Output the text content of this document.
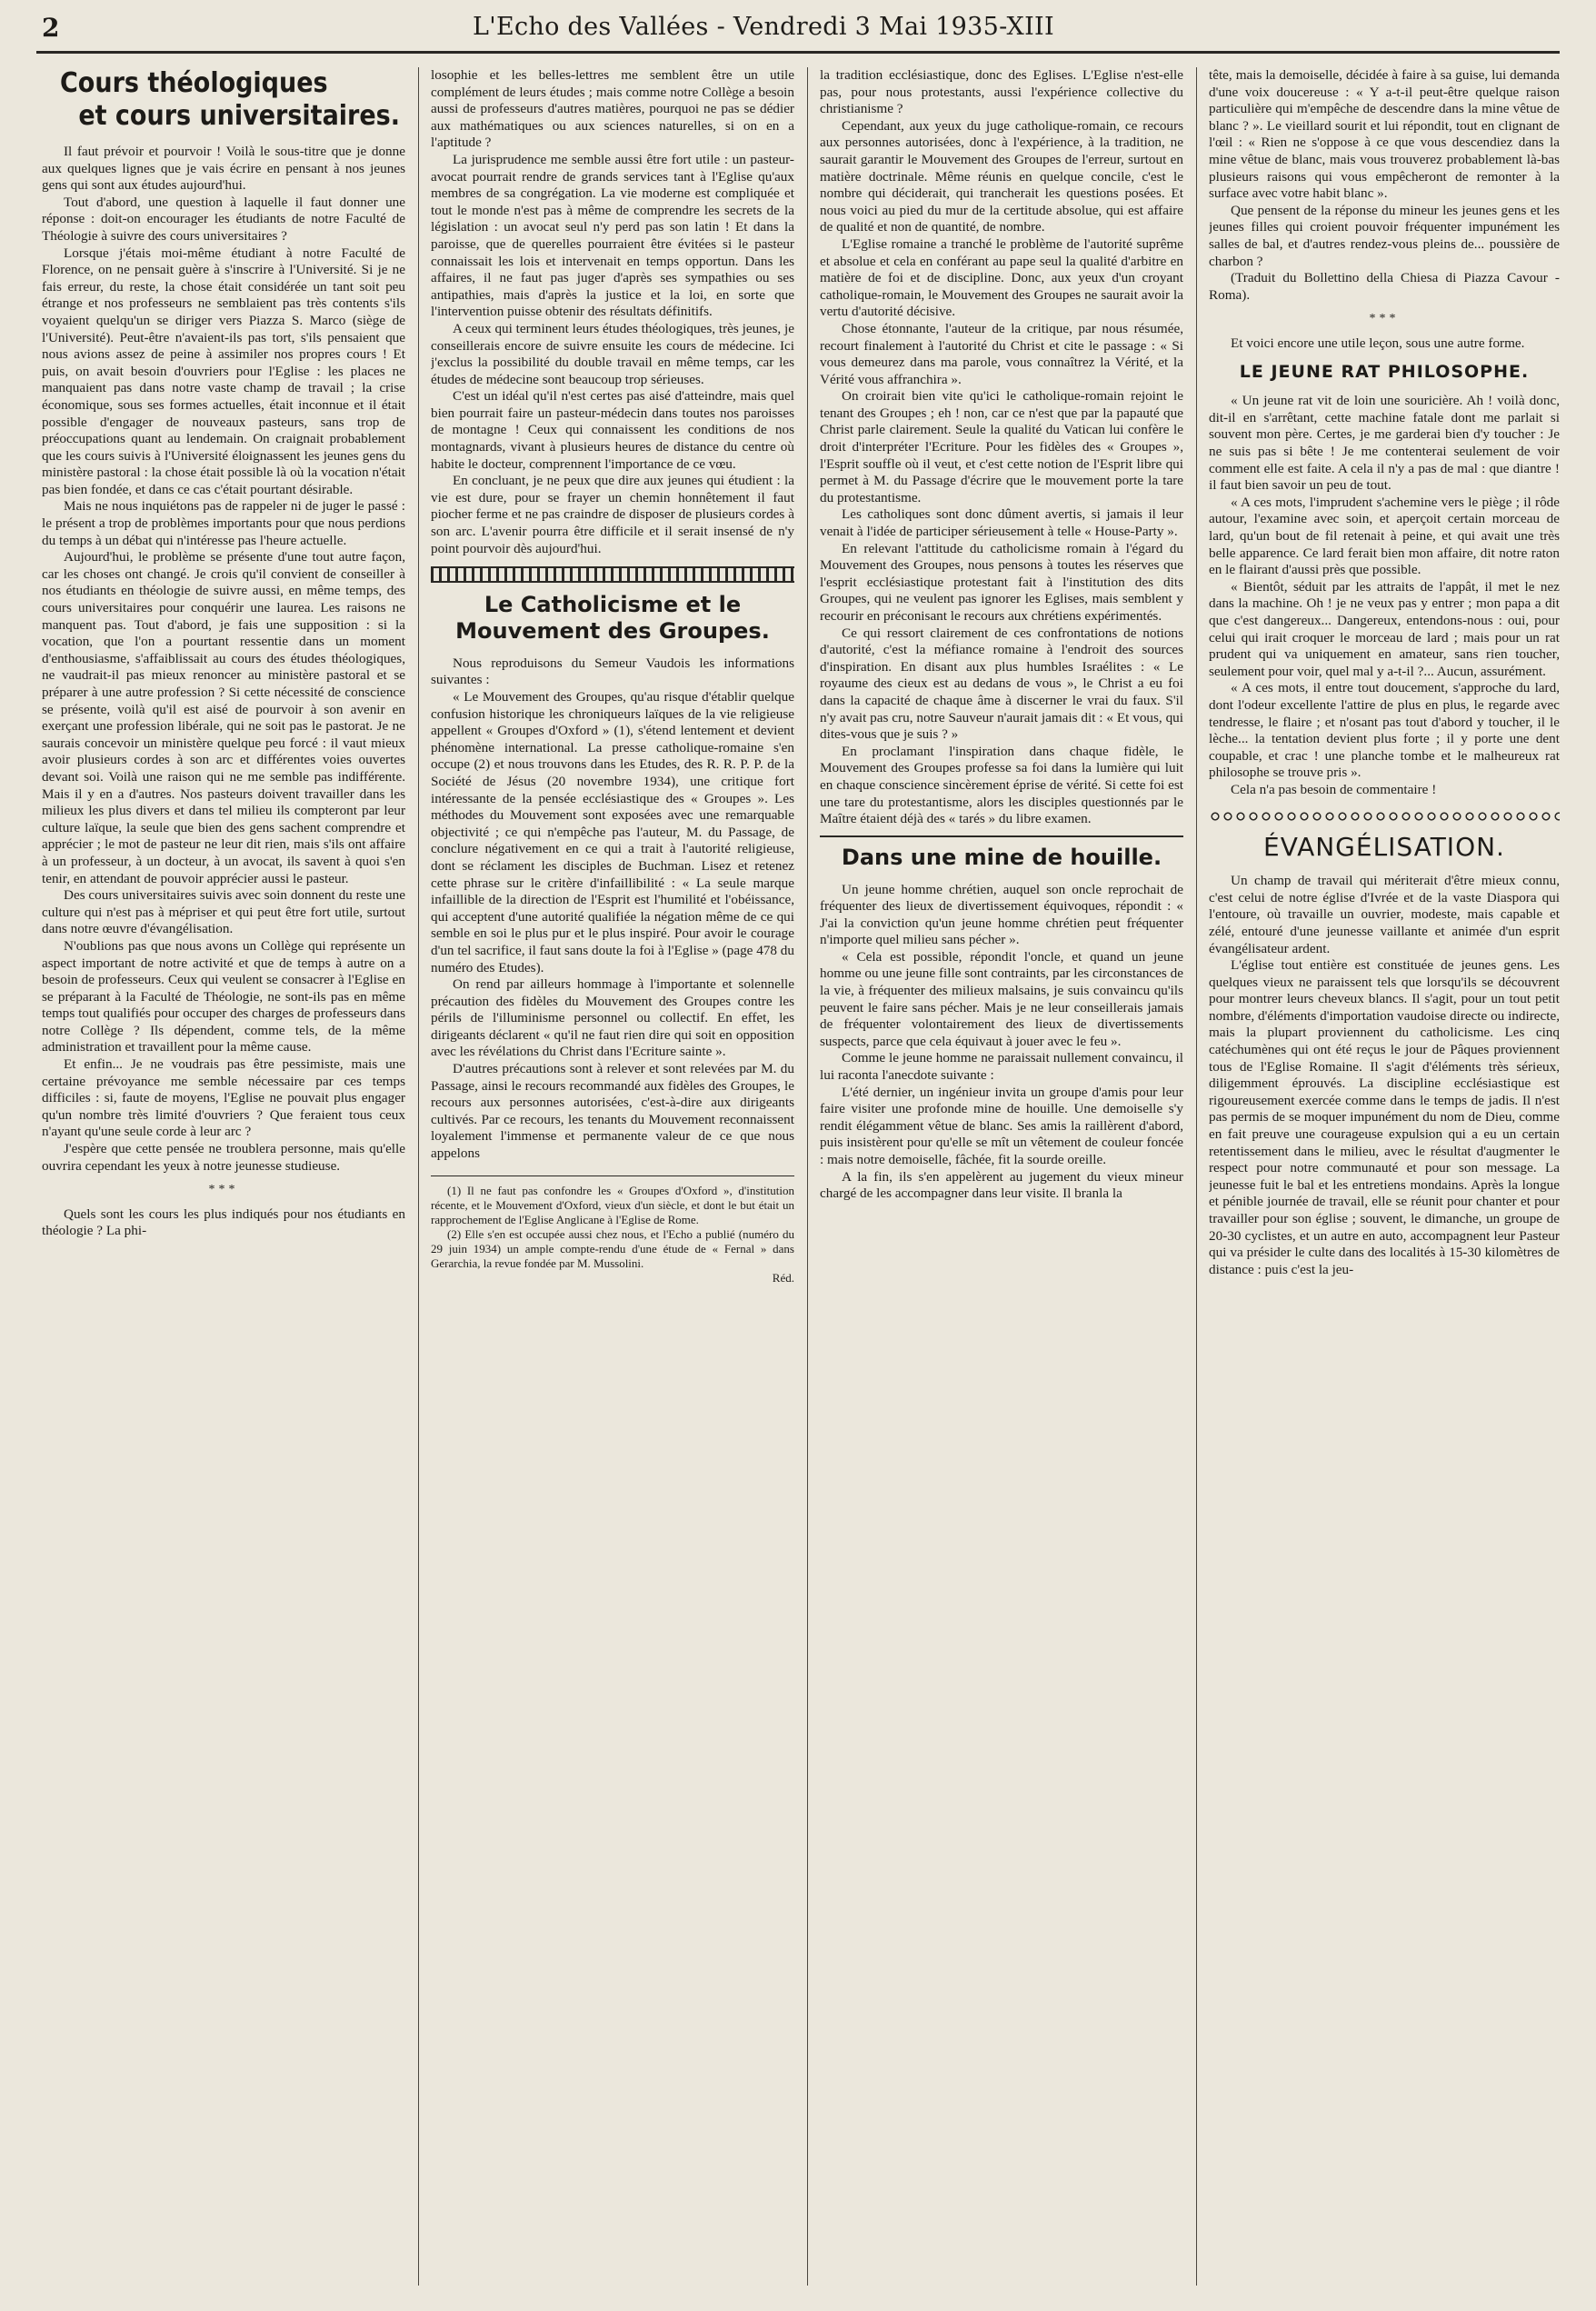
2	L'Echo des Vallées - Vendredi 3 Mai 1935-XIII
Cours théologiques
et cours universitaires.

Il faut prévoir et pourvoir ! Voilà le sous-titre que je donne aux quelques lignes que je vais écrire en pensant à nos jeunes gens qui sont aux études aujourd'hui.

Tout d'abord, une question à laquelle il faut donner une réponse : doit-on encourager les étudiants de notre Faculté de Théologie à suivre des cours universitaires ?

Lorsque j'étais moi-même étudiant à notre Faculté de Florence, on ne pensait guère à s'inscrire à l'Université. Si je ne fais erreur, du reste, la chose était considérée un tant soit peu étrange et nos professeurs ne semblaient pas très contents s'ils voyaient quelqu'un se diriger vers Piazza S. Marco (siège de l'Université). Peut-être n'avaient-ils pas tort, s'ils pensaient que nous avions assez de peine à assimiler nos propres cours ! Et puis, on avait besoin d'ouvriers pour l'Eglise : les places ne manquaient pas dans notre vaste champ de travail ; la crise économique, sous ses formes actuelles, était inconnue et il était possible d'engager de nouveaux pasteurs, sans trop de préoccupations quant au lendemain. On craignait probablement que les cours suivis à l'Université éloignassent les jeunes gens du ministère pastoral : la chose était possible là où la vocation n'était pas bien fondée, et dans ce cas c'était pourtant désirable.

Mais ne nous inquiétons pas de rappeler ni de juger le passé : le présent a trop de problèmes importants pour que nous perdions du temps à un débat qui n'intéresse pas l'heure actuelle.

Aujourd'hui, le problème se présente d'une tout autre façon, car les choses ont changé. Je crois qu'il convient de conseiller à nos étudiants en théologie de suivre aussi, en même temps, des cours universitaires pour conquérir une laurea. Les raisons ne manquent pas. Tout d'abord, je fais une supposition : si la vocation, que l'on a pourtant ressentie dans un moment d'enthousiasme, s'affaiblissait au cours des études théologiques, ne vaudrait-il pas mieux renoncer au ministère pastoral et se préparer à une autre profession ? Si cette nécessité de conscience se présente, voilà qu'il est aisé de pourvoir à son avenir en exerçant une profession libérale, qui ne soit pas le pastorat. Je ne saurais concevoir un ministère quelque peu forcé : il vaut mieux avoir plusieurs cordes à son arc et différentes voies ouvertes devant soi. Voilà une raison qui ne me semble pas indifférente. Mais il y en a d'autres. Nos pasteurs doivent travailler dans les milieux les plus divers et dans tel milieu ils compteront par leur culture laïque, la seule que bien des gens sachent comprendre et apprécier ; le mot de pasteur ne leur dit rien, mais s'ils ont affaire à un professeur, à un docteur, à un avocat, ils savent à quoi s'en tenir, en attendant de pouvoir apprécier aussi le pasteur.

Des cours universitaires suivis avec soin donnent du reste une culture qui n'est pas à mépriser et qui peut être fort utile, surtout dans notre œuvre d'évangélisation.

N'oublions pas que nous avons un Collège qui représente un aspect important de notre activité et que de temps à autre on a besoin de professeurs. Ceux qui veulent se consacrer à l'Eglise en se préparant à la Faculté de Théologie, ne sont-ils pas en même temps tout qualifiés pour occuper des charges de professeurs dans notre Collège ? Ils dépendent, comme tels, de la même administration et travaillent pour la même cause.

Et enfin... Je ne voudrais pas être pessimiste, mais une certaine prévoyance me semble nécessaire par ces temps difficiles : si, faute de moyens, l'Eglise ne pouvait plus engager qu'un nombre très limité d'ouvriers ? Que feraient tous ceux n'ayant qu'une seule corde à leur arc ?

J'espère que cette pensée ne troublera personne, mais qu'elle ouvrira cependant les yeux à notre jeunesse studieuse.

***

Quels sont les cours les plus indiqués pour nos étudiants en théologie ? La phi-

losophie et les belles-lettres me semblent être un utile complément de leurs études ; mais comme notre Collège a besoin aussi de professeurs d'autres matières, pourquoi ne pas se dédier aux mathématiques ou aux sciences naturelles, si on en a l'aptitude ?

La jurisprudence me semble aussi être fort utile : un pasteur-avocat pourrait rendre de grands services tant à l'Eglise qu'aux membres de sa congrégation. La vie moderne est compliquée et tout le monde n'est pas à même de comprendre les secrets de la législation : un avocat seul n'y perd pas son latin ! Et dans la paroisse, que de querelles pourraient être évitées si le pasteur connaissait les lois et intervenait en temps opportun. Dans les affaires, il ne faut pas juger d'après ses sympathies ou ses antipathies, mais d'après la justice et la loi, en sorte que l'intervention puisse obtenir des résultats définitifs.

A ceux qui terminent leurs études théologiques, très jeunes, je conseillerais encore de suivre ensuite les cours de médecine. Ici j'exclus la possibilité du double travail en même temps, car les études de médecine sont beaucoup trop sérieuses.

C'est un idéal qu'il n'est certes pas aisé d'atteindre, mais quel bien pourrait faire un pasteur-médecin dans toutes nos paroisses de montagne ! Ceux qui connaissent les conditions de nos montagnards, vivant à plusieurs heures de distance du centre où habite le docteur, comprennent l'importance de ce vœu.

En concluant, je ne peux que dire aux jeunes qui étudient : la vie est dure, pour se frayer un chemin honnêtement il faut piocher ferme et ne pas craindre de disposer de plusieurs cordes à son arc. L'avenir pourra être difficile et il serait insensé de n'y point pourvoir dès aujourd'hui.

Le Catholicisme et le Mouvement des Groupes.

Nous reproduisons du Semeur Vaudois les informations suivantes :

« Le Mouvement des Groupes, qu'au risque d'établir quelque confusion historique les chroniqueurs laïques de la vie religieuse appellent « Groupes d'Oxford » (1), s'étend lentement et devient phénomène international. La presse catholique-romaine s'en occupe (2) et nous trouvons dans les Etudes, des R. R. P. P. de la Société de Jésus (20 novembre 1934), une critique fort intéressante de la pensée ecclésiastique des « Groupes ». Les méthodes du Mouvement sont exposées avec une remarquable objectivité ; ce qui n'empêche pas l'auteur, M. du Passage, de conclure négativement en ce qui a trait à l'autorité religieuse, dont se réclament les disciples de Buchman. Lisez et retenez cette phrase sur le critère d'infaillibilité : « La seule marque infaillible de la direction de l'Esprit est l'humilité et l'obéissance, qui acceptent d'une autorité qualifiée la négation même de ce qui semble en soi le plus pur et le plus inspiré. Pour avoir le courage d'un tel sacrifice, il faut sans doute la foi à l'Eglise » (page 478 du numéro des Etudes).

On rend par ailleurs hommage à l'importante et solennelle précaution des fidèles du Mouvement des Groupes contre les périls de l'illuminisme personnel ou collectif. En effet, les dirigeants déclarent « qu'il ne faut rien dire qui soit en opposition avec les révélations du Christ dans l'Ecriture sainte ».

D'autres précautions sont à relever et sont relevées par M. du Passage, ainsi le recours recommandé aux fidèles des Groupes, le recours aux personnes autorisées, c'est-à-dire aux dirigeants cultivés. Par ce recours, les tenants du Mouvement reconnaissent loyalement l'immense et permanente valeur de ce que nous appelons

(1) Il ne faut pas confondre les « Groupes d'Oxford », d'institution récente, et le Mouvement d'Oxford, vieux d'un siècle, et dont le but était un rapprochement de l'Eglise Anglicane à l'Eglise de Rome.

(2) Elle s'en est occupée aussi chez nous, et l'Echo a publié (numéro du 29 juin 1934) un ample compte-rendu d'une étude de « Fernal » dans Gerarchia, la revue fondée par M. Mussolini.

Réd.

la tradition ecclésiastique, donc des Eglises. L'Eglise n'est-elle pas, pour nous protestants, aussi l'expérience collective du christianisme ?

Cependant, aux yeux du juge catholique-romain, ce recours aux personnes autorisées, donc à l'expérience, à la tradition, ne saurait garantir le Mouvement des Groupes de l'erreur, surtout en matière doctrinale. Même réunis en quelque concile, c'est le nombre qui déciderait, qui trancherait les questions posées. Et nous voici au pied du mur de la certitude absolue, qui est affaire de qualité et non de quantité, de nombre.

L'Eglise romaine a tranché le problème de l'autorité suprême et absolue et cela en conférant au pape seul la qualité d'arbitre en matière de foi et de discipline. Donc, aux yeux d'un croyant catholique-romain, le Mouvement des Groupes ne saurait avoir la vertu d'autorité décisive.

Chose étonnante, l'auteur de la critique, par nous résumée, recourt finalement à l'autorité du Christ et cite le passage : « Si vous demeurez dans ma parole, vous connaîtrez la Vérité, et la Vérité vous affranchira ».

On croirait bien vite qu'ici le catholique-romain rejoint le tenant des Groupes ; eh ! non, car ce n'est que par la papauté que Christ parle clairement. Seule la qualité du Vatican lui confère le droit d'interpréter l'Ecriture. Pour les fidèles des « Groupes », l'Esprit souffle où il veut, et c'est cette notion de l'Esprit libre qui permet à M. du Passage d'écrire que le mouvement porte la tare du protestantisme.

Les catholiques sont donc dûment avertis, si jamais il leur venait à l'idée de participer sérieusement à telle « House-Party ».

En relevant l'attitude du catholicisme romain à l'égard du Mouvement des Groupes, nous pensons à toutes les réserves que l'esprit ecclésiastique protestant fait à l'institution des dits Groupes, qui ne veulent pas ignorer les Eglises, mais semblent y recourir en préconisant le recours aux chrétiens expérimentés.

Ce qui ressort clairement de ces confrontations de notions d'autorité, c'est la méfiance romaine à l'endroit des sources d'inspiration. En disant aux plus humbles Israélites : « Le royaume des cieux est au dedans de vous », le Christ a eu foi dans la capacité de chaque âme à discerner le vrai du faux. S'il n'y avait pas cru, notre Sauveur n'aurait jamais dit : « Et vous, qui dites-vous que je suis ? »

En proclamant l'inspiration dans chaque fidèle, le Mouvement des Groupes professe sa foi dans la lumière qui luit en chaque conscience sincèrement éprise de vérité. Si cette foi est une tare du protestantisme, alors les disciples questionnés par le Maître étaient déjà des « tarés » du libre examen.

Dans une mine de houille.

Un jeune homme chrétien, auquel son oncle reprochait de fréquenter des lieux de divertissement équivoques, répondit : « J'ai la conviction qu'un jeune homme chrétien peut fréquenter n'importe quel milieu sans pécher ».

« Cela est possible, répondit l'oncle, et quand un jeune homme ou une jeune fille sont contraints, par les circonstances de la vie, à fréquenter des milieux malsains, je suis convaincu qu'ils peuvent le faire sans pécher. Mais je ne leur conseillerais jamais de fréquenter volontairement des lieux de divertissements suspects, parce que cela équivaut à jouer avec le feu ».

Comme le jeune homme ne paraissait nullement convaincu, il lui raconta l'anecdote suivante :

L'été dernier, un ingénieur invita un groupe d'amis pour leur faire visiter une profonde mine de houille. Une demoiselle s'y rendit élégamment vêtue de blanc. Ses amis la raillèrent d'abord, puis insistèrent pour qu'elle se mît un vêtement de couleur foncée : mais notre demoiselle, fâchée, fit la sourde oreille.

A la fin, ils s'en appelèrent au jugement du vieux mineur chargé de les accompagner dans leur visite. Il branla la

tête, mais la demoiselle, décidée à faire à sa guise, lui demanda d'une voix doucereuse : « Y a-t-il peut-être quelque raison particulière qui m'empêche de descendre dans la mine vêtue de blanc ? ». Le vieillard sourit et lui répondit, tout en clignant de l'œil : « Rien ne s'oppose à ce que vous descendiez dans la mine vêtue de blanc, mais vous trouverez probablement là-bas plusieurs raisons qui vous empêcheront de remonter à la surface avec votre habit blanc ».

Que pensent de la réponse du mineur les jeunes gens et les jeunes filles qui croient pouvoir fréquenter impunément les salles de bal, et d'autres rendez-vous pleins de... poussière de charbon ?

(Traduit du Bollettino della Chiesa di Piazza Cavour - Roma).

***

Et voici encore une utile leçon, sous une autre forme.

LE JEUNE RAT PHILOSOPHE.

« Un jeune rat vit de loin une souricière. Ah ! voilà donc, dit-il en s'arrêtant, cette machine fatale dont me parlait si souvent mon père. Certes, je me garderai bien d'y toucher : Je ne suis pas si bête ! Je me contenterai seulement de voir comment elle est faite. A cela il n'y a pas de mal : que diantre ! il faut bien savoir un peu de tout.

« A ces mots, l'imprudent s'achemine vers le piège ; il rôde autour, l'examine avec soin, et aperçoit certain morceau de lard, qu'un bout de fil retenait à peine, et qui avait une très belle apparence. Ce lard ferait bien mon affaire, dit notre raton en le flairant d'aussi près que possible.

« Bientôt, séduit par les attraits de l'appât, il met le nez dans la machine. Oh ! je ne veux pas y entrer ; mon papa a dit que c'est dangereux... Dangereux, entendons-nous : oui, pour celui qui irait croquer le morceau de lard ; mais pour un rat prudent qui va uniquement en amateur, sans rien toucher, seulement pour voir, quel mal y a-t-il ?... Aucun, assurément.

« A ces mots, il entre tout doucement, s'approche du lard, dont l'odeur excellente l'attire de plus en plus, le regarde avec tendresse, le flaire ; et n'osant pas tout d'abord y toucher, il le lèche... la tentation devient plus forte ; il y porte une dent coupable, et crac ! une planche tombe et le malheureux rat philosophe se trouve pris ».

Cela n'a pas besoin de commentaire !

ÉVANGÉLISATION.

Un champ de travail qui mériterait d'être mieux connu, c'est celui de notre église d'Ivrée et de la vaste Diaspora qui l'entoure, où travaille un ouvrier, modeste, mais capable et zélé, entouré d'une jeunesse vaillante et animée d'un esprit évangélisateur ardent.

L'église tout entière est constituée de jeunes gens. Les quelques vieux ne paraissent tels que lorsqu'ils se découvrent pour montrer leurs cheveux blancs. Il s'agit, pour un tout petit nombre, d'éléments d'importation vaudoise directe ou indirecte, mais la plupart proviennent du catholicisme. Les cinq catéchumènes qui ont été reçus le jour de Pâques proviennent tous de l'Eglise Romaine. Il s'agit d'éléments très sérieux, diligemment éprouvés. La discipline ecclésiastique est rigoureusement exercée comme dans le temps de jadis. Il n'est pas permis de se moquer impunément du nom de Dieu, comme en fait preuve une courageuse expulsion qui a eu un certain retentissement dans le milieu, avec le résultat d'augmenter le respect pour notre communauté et pour son message. La jeunesse fuit le bal et les entretiens mondains. Après la longue et pénible journée de travail, elle se réunit pour chanter et pour travailler pour son église ; souvent, le dimanche, un groupe de 20-30 cyclistes, et un autre en auto, accompagnent leur Pasteur qui va présider le culte dans des localités à 15-30 kilomètres de distance : puis c'est la jeu-
